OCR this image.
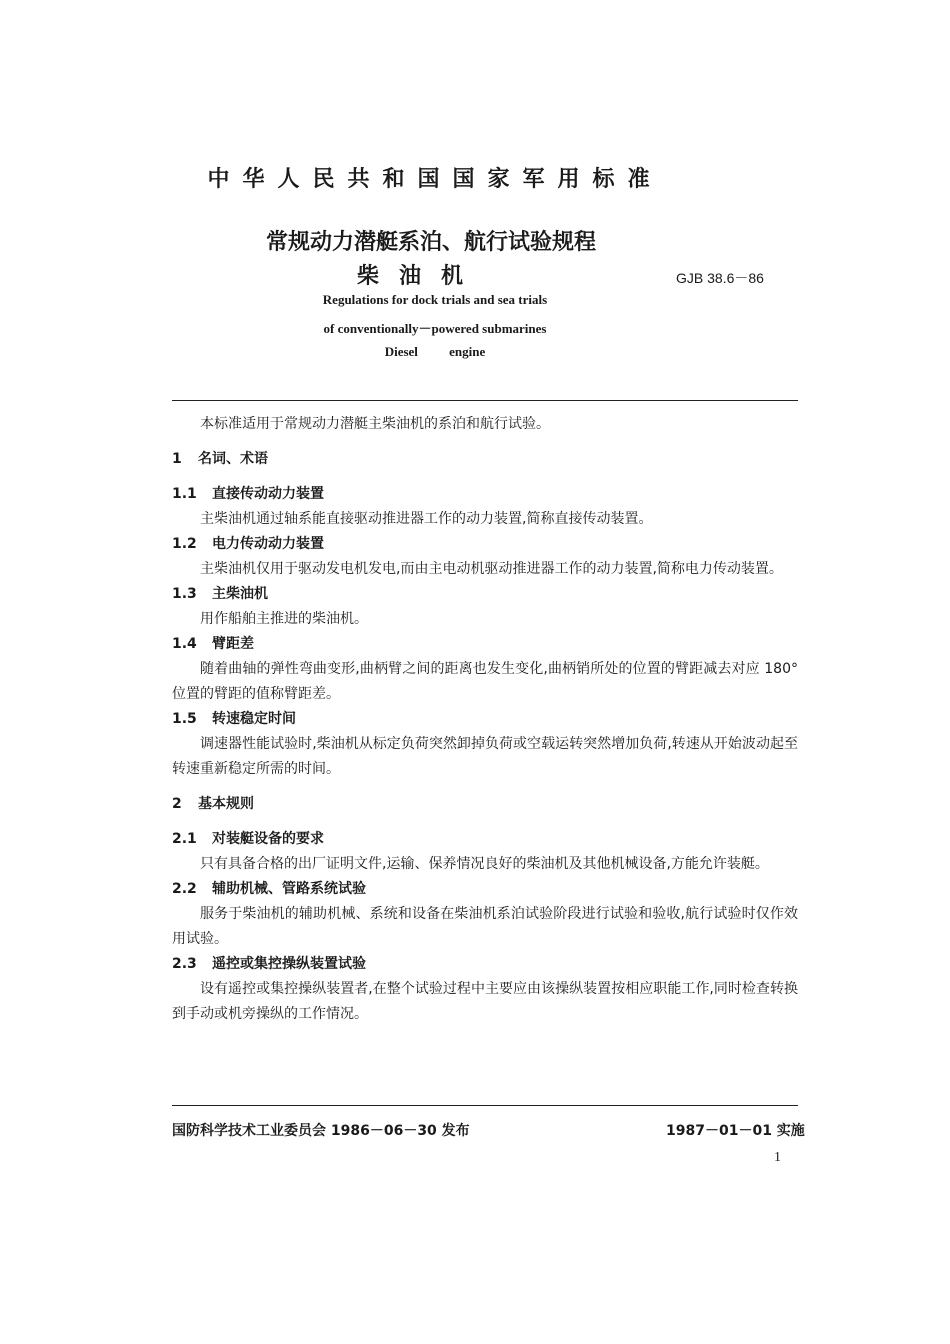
中华人民共和国国家军用标准
常规动力潜艇系泊、航行试验规程
柴油机	GJB 38.6－86
Regulations for dock trials and sea trials
of conventionally－powered submarines
Diesel engine

本标准适用于常规动力潜艇主柴油机的系泊和航行试验。

1 名词、术语

1.1 直接传动动力装置

主柴油机通过轴系能直接驱动推进器工作的动力装置,简称直接传动装置。

1.2 电力传动动力装置

主柴油机仅用于驱动发电机发电,而由主电动机驱动推进器工作的动力装置,简称电力传动装置。

1.3 主柴油机

用作船舶主推进的柴油机。

1.4 臂距差

随着曲轴的弹性弯曲变形,曲柄臂之间的距离也发生变化,曲柄销所处的位置的臂距减去对应 180°位置的臂距的值称臂距差。

1.5 转速稳定时间

调速器性能试验时,柴油机从标定负荷突然卸掉负荷或空载运转突然增加负荷,转速从开始波动起至转速重新稳定所需的时间。

2 基本规则

2.1 对装艇设备的要求

只有具备合格的出厂证明文件,运输、保养情况良好的柴油机及其他机械设备,方能允许装艇。

2.2 辅助机械、管路系统试验

服务于柴油机的辅助机械、系统和设备在柴油机系泊试验阶段进行试验和验收,航行试验时仅作效用试验。

2.3 遥控或集控操纵装置试验

设有遥控或集控操纵装置者,在整个试验过程中主要应由该操纵装置按相应职能工作,同时检查转换到手动或机旁操纵的工作情况。

国防科学技术工业委员会 1986－06－30 发布	1987－01－01 实施
1
